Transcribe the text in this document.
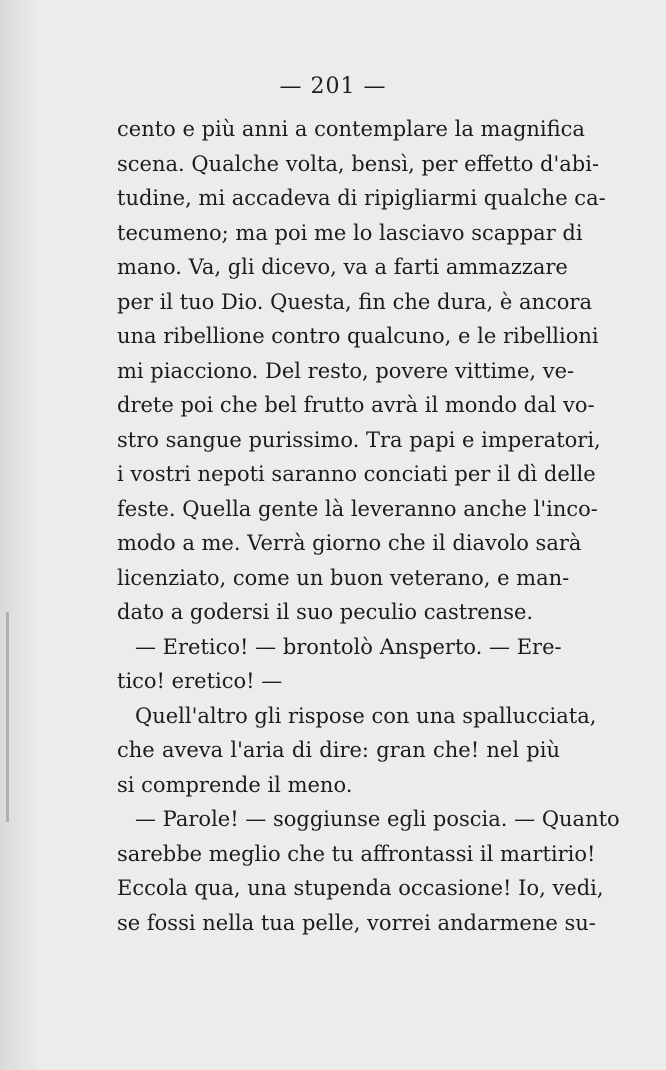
— 201 —
cento e più anni a contemplare la magnifica
scena. Qualche volta, bensì, per effetto d'abi-
tudine, mi accadeva di ripigliarmi qualche ca-
tecumeno; ma poi me lo lasciavo scappar di
mano. Va, gli dicevo, va a farti ammazzare
per il tuo Dio. Questa, fin che dura, è ancora
una ribellione contro qualcuno, e le ribellioni
mi piacciono. Del resto, povere vittime, ve-
drete poi che bel frutto avrà il mondo dal vo-
stro sangue purissimo. Tra papi e imperatori,
i vostri nepoti saranno conciati per il dì delle
feste. Quella gente là leveranno anche l'inco-
modo a me. Verrà giorno che il diavolo sarà
licenziato, come un buon veterano, e man-
dato a godersi il suo peculio castrense.
— Eretico! — brontolò Ansperto. — Ere-
tico! eretico! —
Quell'altro gli rispose con una spallucciata,
che aveva l'aria di dire: gran che! nel più
si comprende il meno.
— Parole! — soggiunse egli poscia. — Quanto
sarebbe meglio che tu affrontassi il martirio!
Eccola qua, una stupenda occasione! Io, vedi,
se fossi nella tua pelle, vorrei andarmene su-
